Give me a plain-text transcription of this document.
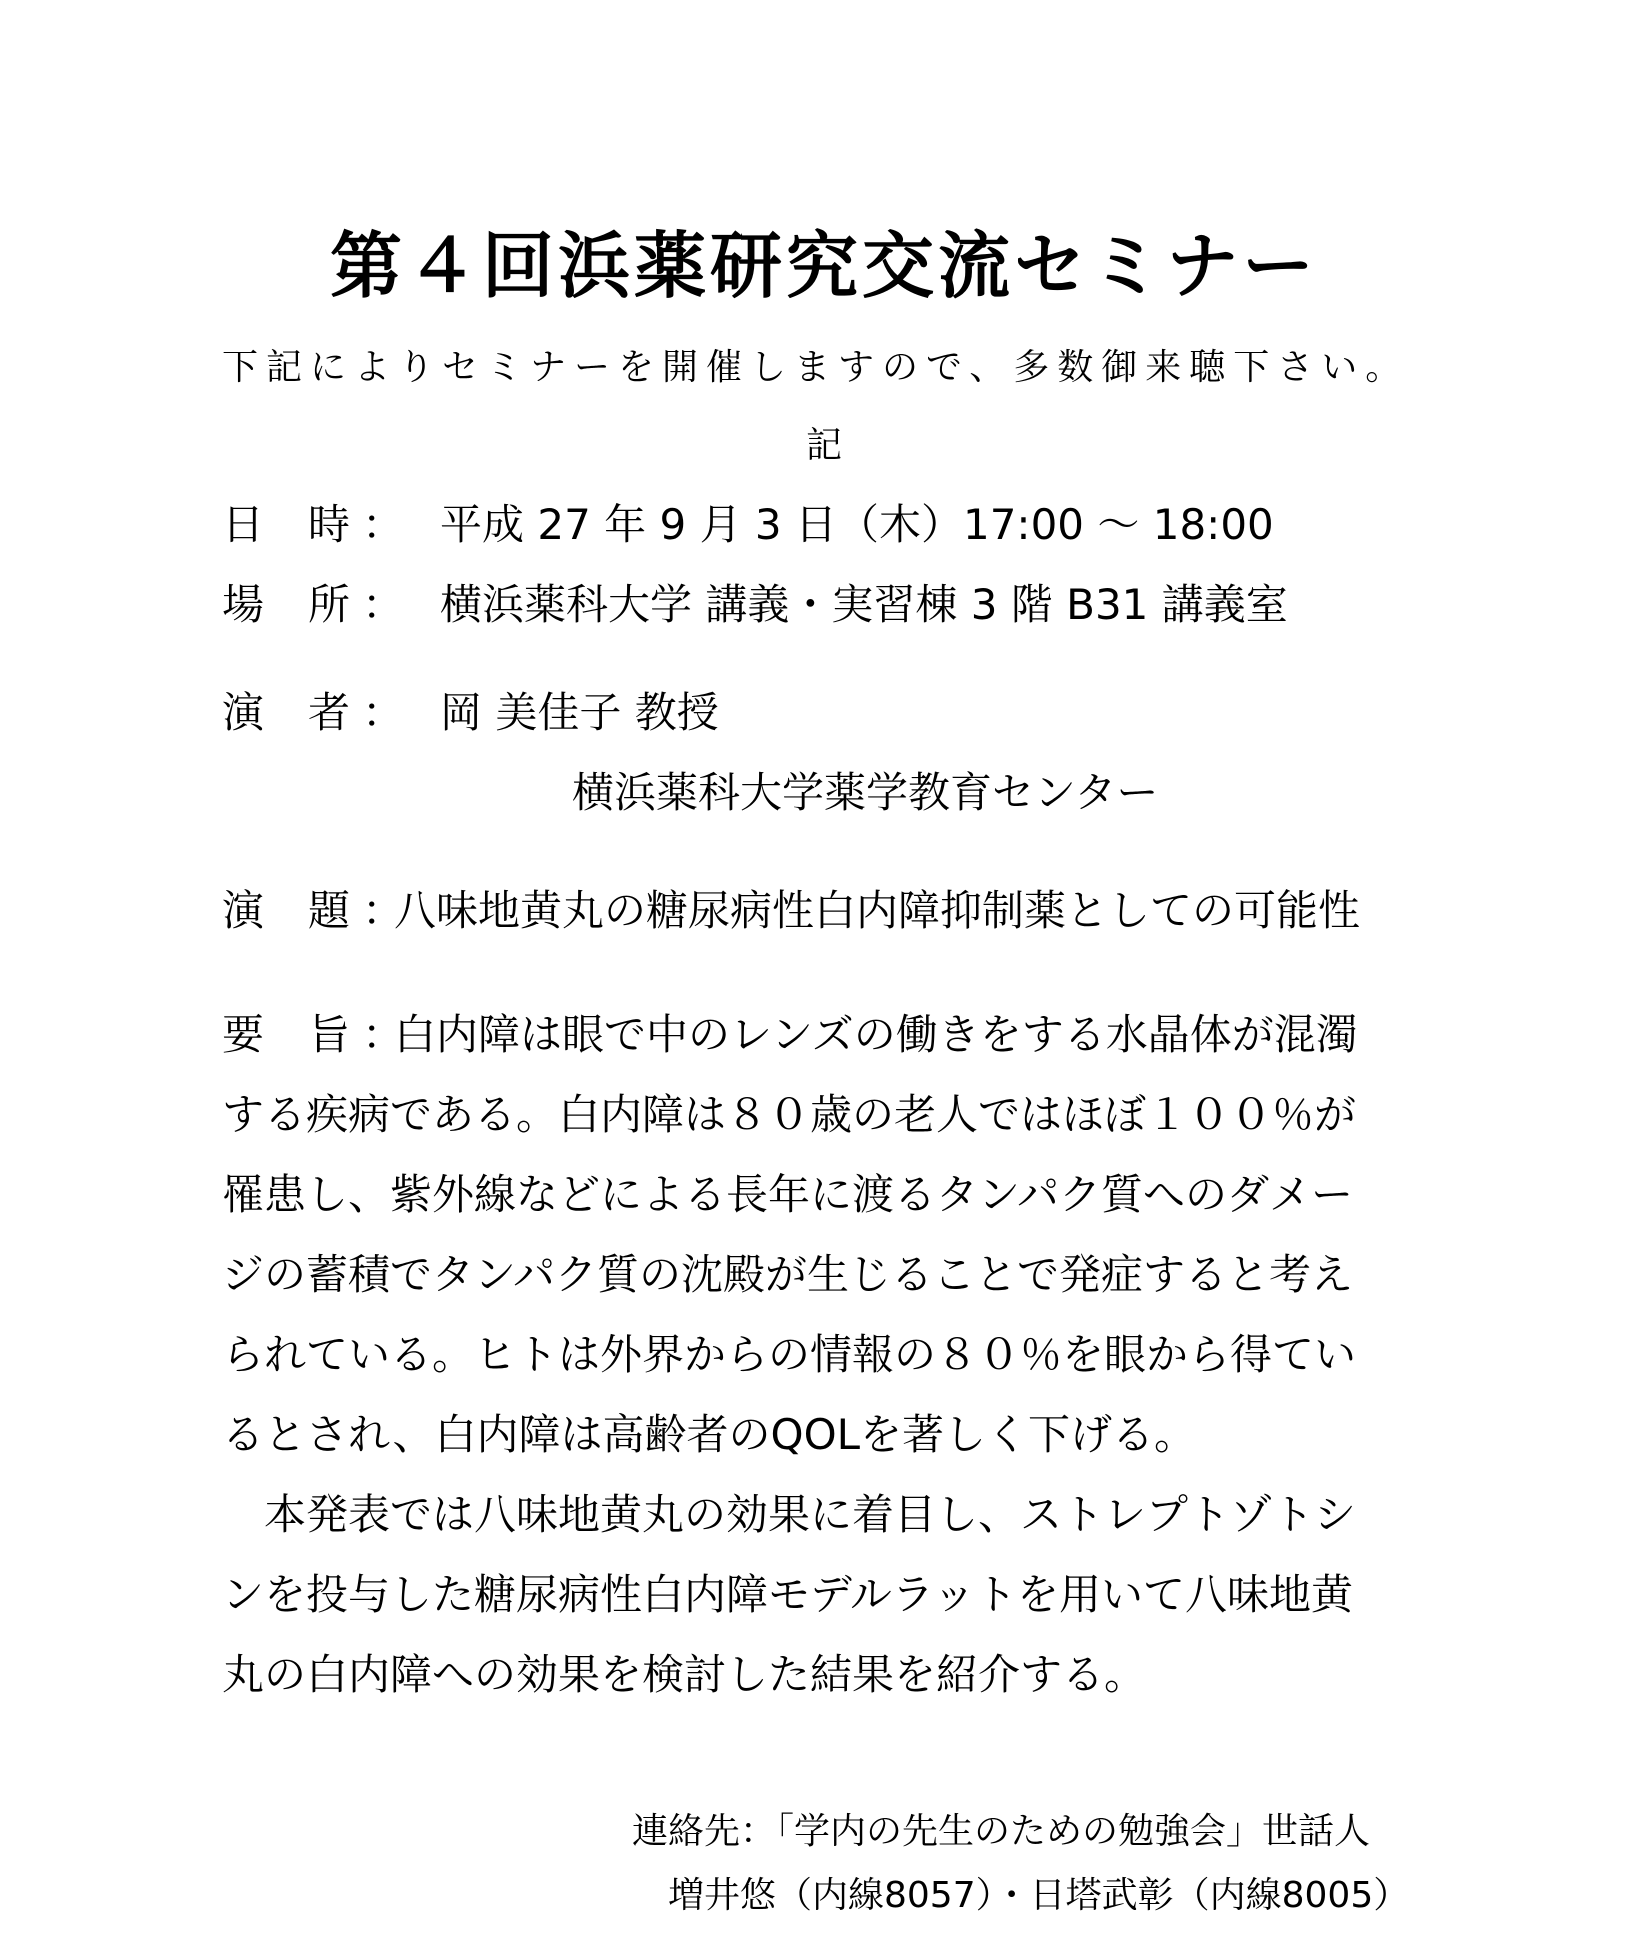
第４回浜薬研究交流セミナー
下記によりセミナーを開催しますので、多数御来聴下さい。
記
日 時 ： 平成 27 年 9 月 3 日（木）17:00 ～ 18:00
場 所 ： 横浜薬科大学 講義・実習棟 3 階 B31 講義室
演 者 ： 岡 美佳子 教授
横浜薬科大学薬学教育センター
演 題 ：
八味地黄丸の糖尿病性白内障抑制薬としての可能性
要 旨 ：
白内障は眼で中のレンズの働きをする水晶体が混濁
する疾病である。白内障は８０歳の老人ではほぼ１００％が
罹患し、紫外線などによる長年に渡るタンパク質へのダメー
ジの蓄積でタンパク質の沈殿が生じることで発症すると考え
られている。ヒトは外界からの情報の８０％を眼から得てい
るとされ、白内障は高齢者のQOLを著しく下げる。
　本発表では八味地黄丸の効果に着目し、ストレプトゾトシ
ンを投与した糖尿病性白内障モデルラットを用いて八味地黄
丸の白内障への効果を検討した結果を紹介する。
連絡先：「学内の先生のための勉強会」世話人
増井悠（内線8057）・日塔武彰（内線8005）
